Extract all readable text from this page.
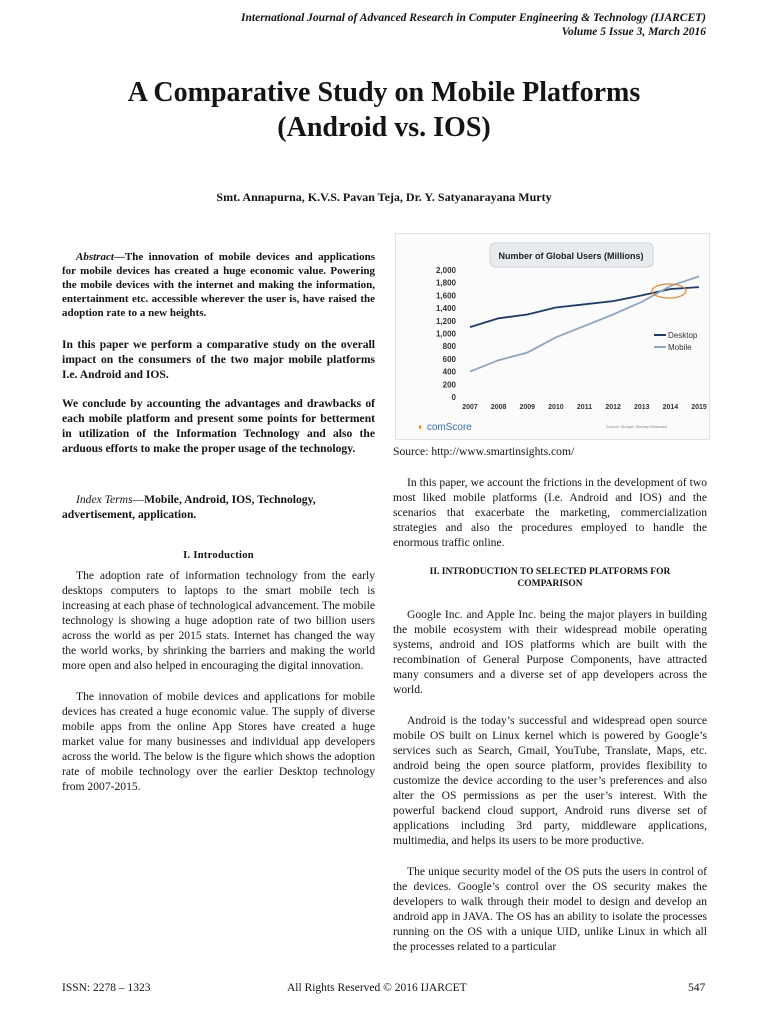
International Journal of Advanced Research in Computer Engineering & Technology (IJARCET)
Volume 5 Issue 3, March 2016
A Comparative Study on Mobile Platforms
(Android vs. IOS)
Smt. Annapurna, K.V.S. Pavan Teja, Dr. Y. Satyanarayana Murty

Abstract—The innovation of mobile devices and applications for mobile devices has created a huge economic value. Powering the mobile devices with the internet and making the information, entertainment etc. accessible wherever the user is, have raised the adoption rate to a new heights.

In this paper we perform a comparative study on the overall impact on the consumers of the two major mobile platforms I.e. Android and IOS.

We conclude by accounting the advantages and drawbacks of each mobile platform and present some points for betterment in utilization of the Information Technology and also the arduous efforts to make the proper usage of the technology.

Index Terms—Mobile, Android, IOS, Technology, advertisement, application.

I. Introduction

The adoption rate of information technology from the early desktops computers to laptops to the smart mobile tech is increasing at each phase of technological advancement. The mobile technology is showing a huge adoption rate of two billion users across the world as per 2015 stats. Internet has changed the way the world works, by shrinking the barriers and making the world more open and also helped in encouraging the digital innovation.

The innovation of mobile devices and applications for mobile devices has created a huge economic value. The supply of diverse mobile apps from the online App Stores have created a huge market value for many businesses and individual app developers across the world. The below is the figure which shows the adoption rate of mobile technology over the earlier Desktop technology from 2007-2015.

Number of Global Users (Millions)
0
200
400
600
800
1,000
1,200
1,400
1,600
1,800
2,000
2007 2008 2009 2010 2011 2012 2013 2014 2015
Desktop
Mobile
◐ comScore	Source: Morgan Stanley Research
Source: http://www.smartinsights.com/

In this paper, we account the frictions in the development of two most liked mobile platforms (I.e. Android and IOS) and the scenarios that exacerbate the marketing, commercialization strategies and also the procedures employed to handle the enormous traffic online.

II. INTRODUCTION TO SELECTED PLATFORMS FOR
COMPARISON

Google Inc. and Apple Inc. being the major players in building the mobile ecosystem with their widespread mobile operating systems, android and IOS platforms which are built with the recombination of General Purpose Components, have attracted many consumers and a diverse set of app developers across the world.

Android is the today’s successful and widespread open source mobile OS built on Linux kernel which is powered by Google’s services such as Search, Gmail, YouTube, Translate, Maps, etc. android being the open source platform, provides flexibility to customize the device according to the user’s preferences and also alter the OS permissions as per the user’s interest. With the powerful backend cloud support, Android runs diverse set of applications including 3rd party, middleware applications, multimedia, and helps its users to be more productive.

The unique security model of the OS puts the users in control of the devices. Google’s control over the OS security makes the developers to walk through their model to design and develop an android app in JAVA. The OS has an ability to isolate the processes running on the OS with a unique UID, unlike Linux in which all the processes related to a particular

ISSN: 2278 – 1323	All Rights Reserved © 2016 IJARCET	547
